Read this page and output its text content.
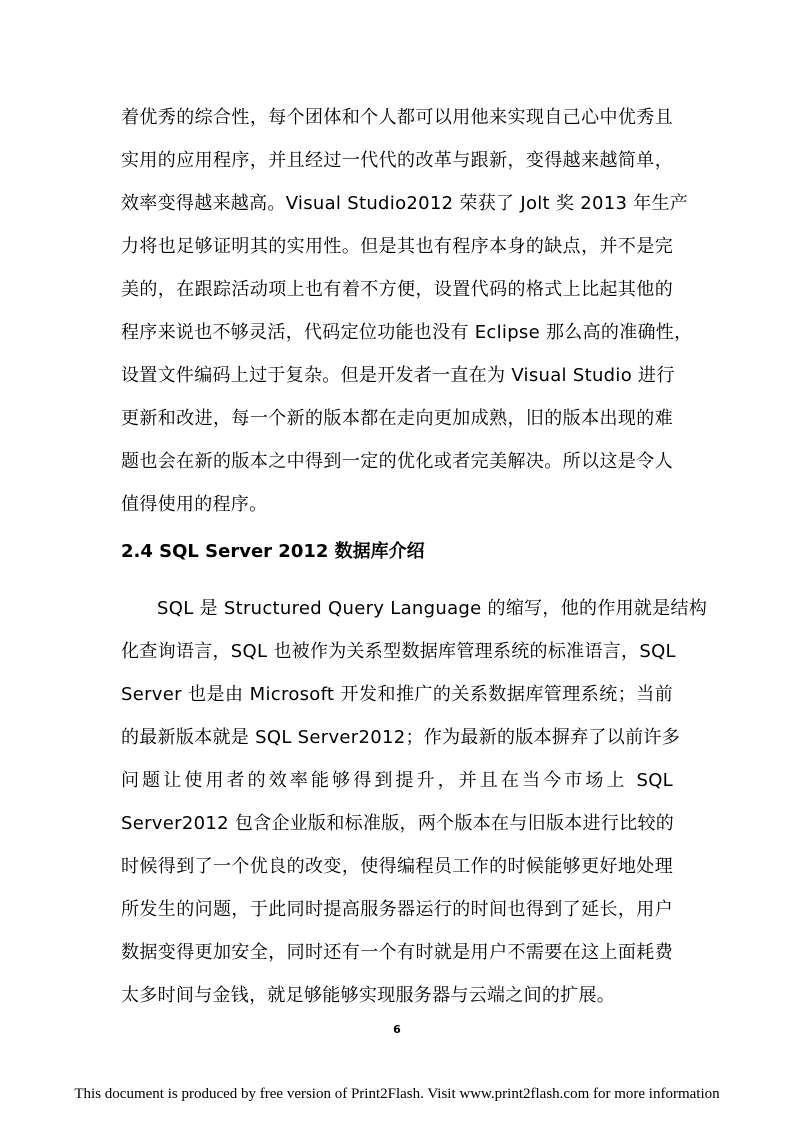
着优秀的综合性，每个团体和个人都可以用他来实现自己心中优秀且
实用的应用程序，并且经过一代代的改革与跟新，变得越来越简单，
效率变得越来越高。Visual Studio2012 荣获了 Jolt 奖 2013 年生产
力将也足够证明其的实用性。但是其也有程序本身的缺点，并不是完
美的，在跟踪活动项上也有着不方便，设置代码的格式上比起其他的
程序来说也不够灵活，代码定位功能也没有 Eclipse 那么高的准确性，
设置文件编码上过于复杂。但是开发者一直在为 Visual Studio 进行
更新和改进，每一个新的版本都在走向更加成熟，旧的版本出现的难
题也会在新的版本之中得到一定的优化或者完美解决。所以这是令人
值得使用的程序。
2.4 SQL Server 2012 数据库介绍
SQL 是 Structured Query Language 的缩写，他的作用就是结构
化查询语言，SQL 也被作为关系型数据库管理系统的标准语言，SQL
Server 也是由 Microsoft 开发和推广的关系数据库管理系统；当前
的最新版本就是 SQL Server2012；作为最新的版本摒弃了以前许多
问题让使用者的效率能够得到提升，并且在当今市场上 SQL
Server2012 包含企业版和标准版，两个版本在与旧版本进行比较的
时候得到了一个优良的改变，使得编程员工作的时候能够更好地处理
所发生的问题，于此同时提高服务器运行的时间也得到了延长，用户
数据变得更加安全，同时还有一个有时就是用户不需要在这上面耗费
太多时间与金钱，就足够能够实现服务器与云端之间的扩展。
6
This document is produced by free version of Print2Flash. Visit www.print2flash.com for more information
